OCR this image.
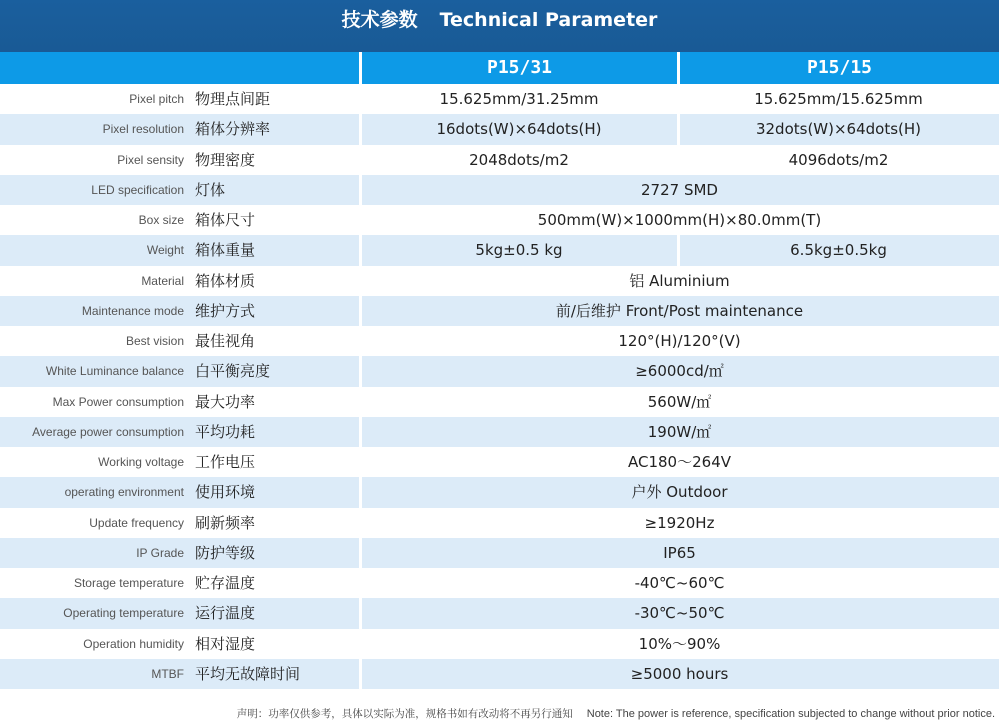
技术参数 Technical Parameter
P15/31	P15/15
Pixel pitch 物理点间距	15.625mm/31.25mm	15.625mm/15.625mm
Pixel resolution 箱体分辨率	16dots(W)×64dots(H)	32dots(W)×64dots(H)
Pixel sensity 物理密度	2048dots/m2	4096dots/m2
LED specification 灯体	2727 SMD
Box size 箱体尺寸	500mm(W)×1000mm(H)×80.0mm(T)
Weight 箱体重量	5kg±0.5 kg	6.5kg±0.5kg
Material 箱体材质	铝 Aluminium
Maintenance mode 维护方式	前/后维护 Front/Post maintenance
Best vision 最佳视角	120°(H)/120°(V)
White Luminance balance 白平衡亮度	≥6000cd/㎡
Max Power consumption 最大功率	560W/㎡
Average power consumption 平均功耗	190W/㎡
Working voltage 工作电压	AC180～264V
operating environment 使用环境	户外 Outdoor
Update frequency 刷新频率	≥1920Hz
IP Grade 防护等级	IP65
Storage temperature 贮存温度	-40℃~60℃
Operating temperature 运行温度	-30℃~50℃
Operation humidity 相对湿度	10%～90%
MTBF 平均无故障时间	≥5000 hours
声明：功率仅供参考，具体以实际为准，规格书如有改动将不再另行通知 Note: The power is reference, specification subjected to change without prior notice.
